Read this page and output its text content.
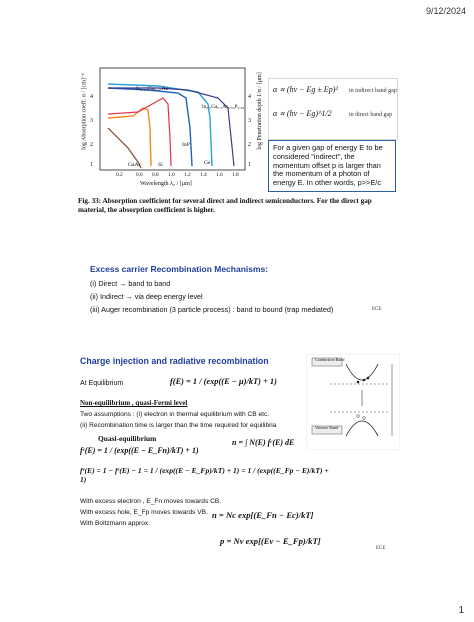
9/12/2024
log Absorption coeff. α / [cm]⁻¹	log Penetration depth 1/α / [µm]
In₀.₅₃Ga₀.₄₇As
In₀.₇Ga₀.₃As₀.₆₄P₀.₃₆
InP
GaAs	Si	Ge
4
3
2
1
4
3
2
1
0.2 0.6 0.8 1.0 1.2 1.4 1.6 1.8
Wavelength λ₀ / [µm]
α ∝ (hν − Eg ± Ep)² in indirect band gap
α ∝ (hν − Eg)^1/2	in direct band gap
For a given gap of energy E to be considered "indirect", the momentum offset p is larger than the momentum of a photon of energy E. In other words, p>>E/c
Fig. 33: Absorption coefficient for several direct and indirect semiconductors. For the direct gap material, the absorption coefficient is higher.
Excess carrier Recombination Mechanisms:
(i) Direct → band to band
(ii) Indirect → via deep energy level
(iii) Auger recombination (3 particle process) : band to bound (trap mediated)	ECE
Charge injection and radiative recombination
At Equilibrium	f(E) = 1 / (exp((E − µ)/kT) + 1)
Non-equilibrium , quasi-Fermi level
Two assumptions : (i) electron in thermal equilibrium with CB etc.
(ii) Recombination time is larger than the time required for equilibria
Quasi-equilibrium
fᶜ(E) = 1 / (exp((E − E_Fn)/kT) + 1)
n = ∫ N(E) fᶜ(E) dE
fᵛ(E) = 1 − fᶜ(E) − 1 = 1 / (exp((E − E_Fp)/kT) + 1) = 1 / (exp((E_Fp − E)/kT) + 1)
With excess electron , E_Fn moves towards CB.
With excess hole, E_Fp moves towards VB.
With Boltzmann approx.
n = Nc exp[(E_Fn − Ec)/kT]
p = Nv exp[(Ev − E_Fp)/kT]
ECE
Conduction Band
Valence Band
1
